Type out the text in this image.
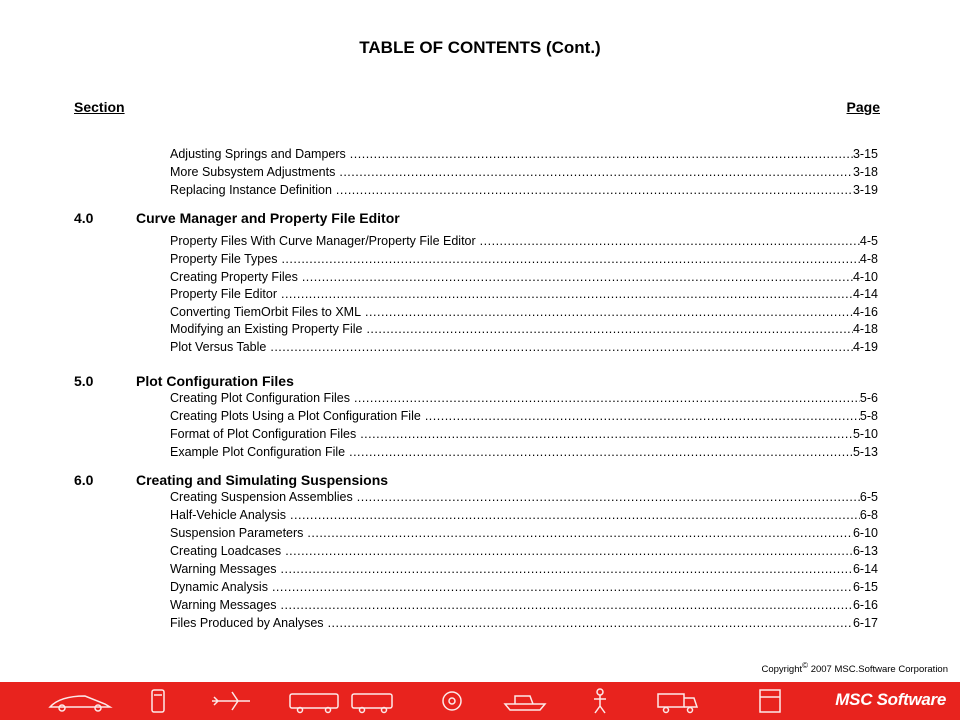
TABLE OF CONTENTS (Cont.)
Section	Page
Adjusting Springs and Dampers .....	3-15
More Subsystem Adjustments .....	3-18
Replacing Instance Definition .....	3-19
4.0	Curve Manager and Property File Editor
Property Files With Curve Manager/Property File Editor .....	4-5
Property File Types .....	4-8
Creating Property Files .....	4-10
Property File Editor .....	4-14
Converting TiemOrbit Files to XML .....	4-16
Modifying an Existing Property File .....	4-18
Plot Versus Table .....	4-19
5.0	Plot Configuration Files
Creating Plot Configuration Files .....	5-6
Creating Plots Using a Plot Configuration File .....	5-8
Format of Plot Configuration Files .....	5-10
Example Plot Configuration File .....	5-13
6.0	Creating and Simulating Suspensions
Creating Suspension Assemblies .....	6-5
Half-Vehicle Analysis .....	6-8
Suspension Parameters .....	6-10
Creating Loadcases .....	6-13
Warning Messages .....	6-14
Dynamic Analysis .....	6-15
Warning Messages .....	6-16
Files Produced by Analyses .....	6-17
Copyright© 2007 MSC.Software Corporation
MSC Software
